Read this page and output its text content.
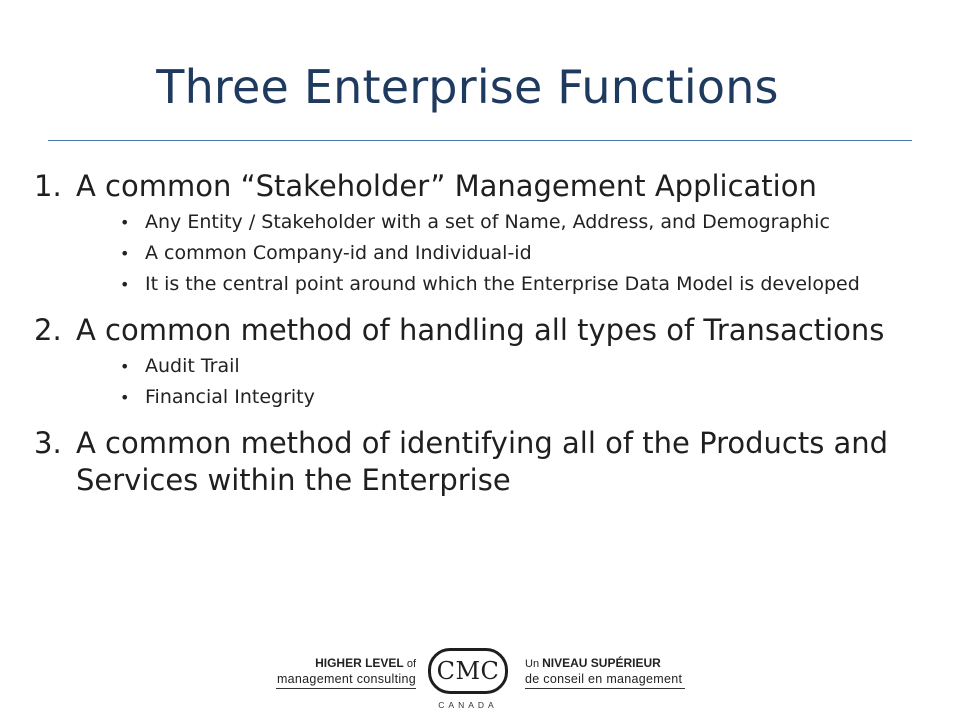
Three Enterprise Functions
1. A common “Stakeholder” Management Application
• Any Entity / Stakeholder with a set of Name, Address, and Demographic
• A common Company-id and Individual-id
• It is the central point around which the Enterprise Data Model is developed
2. A common method of handling all types of Transactions
• Audit Trail
• Financial Integrity
3. A common method of identifying all of the Products and Services within the Enterprise
HIGHER LEVEL of
management consulting CMC
CANADA
Un NIVEAU SUPÉRIEUR
de conseil en management
